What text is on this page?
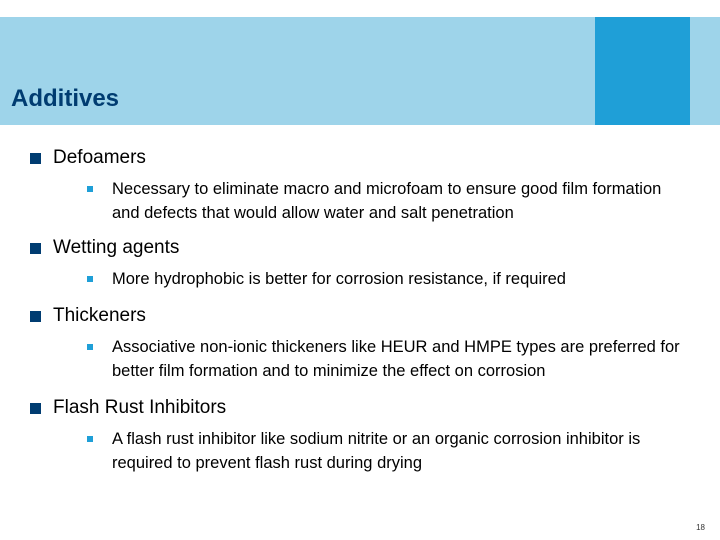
Additives
Defoamers
Necessary to eliminate macro and microfoam to ensure good film formation and defects that would allow water and salt penetration
Wetting agents
More hydrophobic is better for corrosion resistance, if required
Thickeners
Associative non-ionic thickeners like HEUR and HMPE types are preferred for better film formation and to minimize the effect on corrosion
Flash Rust Inhibitors
A flash rust inhibitor like sodium nitrite or an organic corrosion inhibitor is required to prevent flash rust during drying
18
